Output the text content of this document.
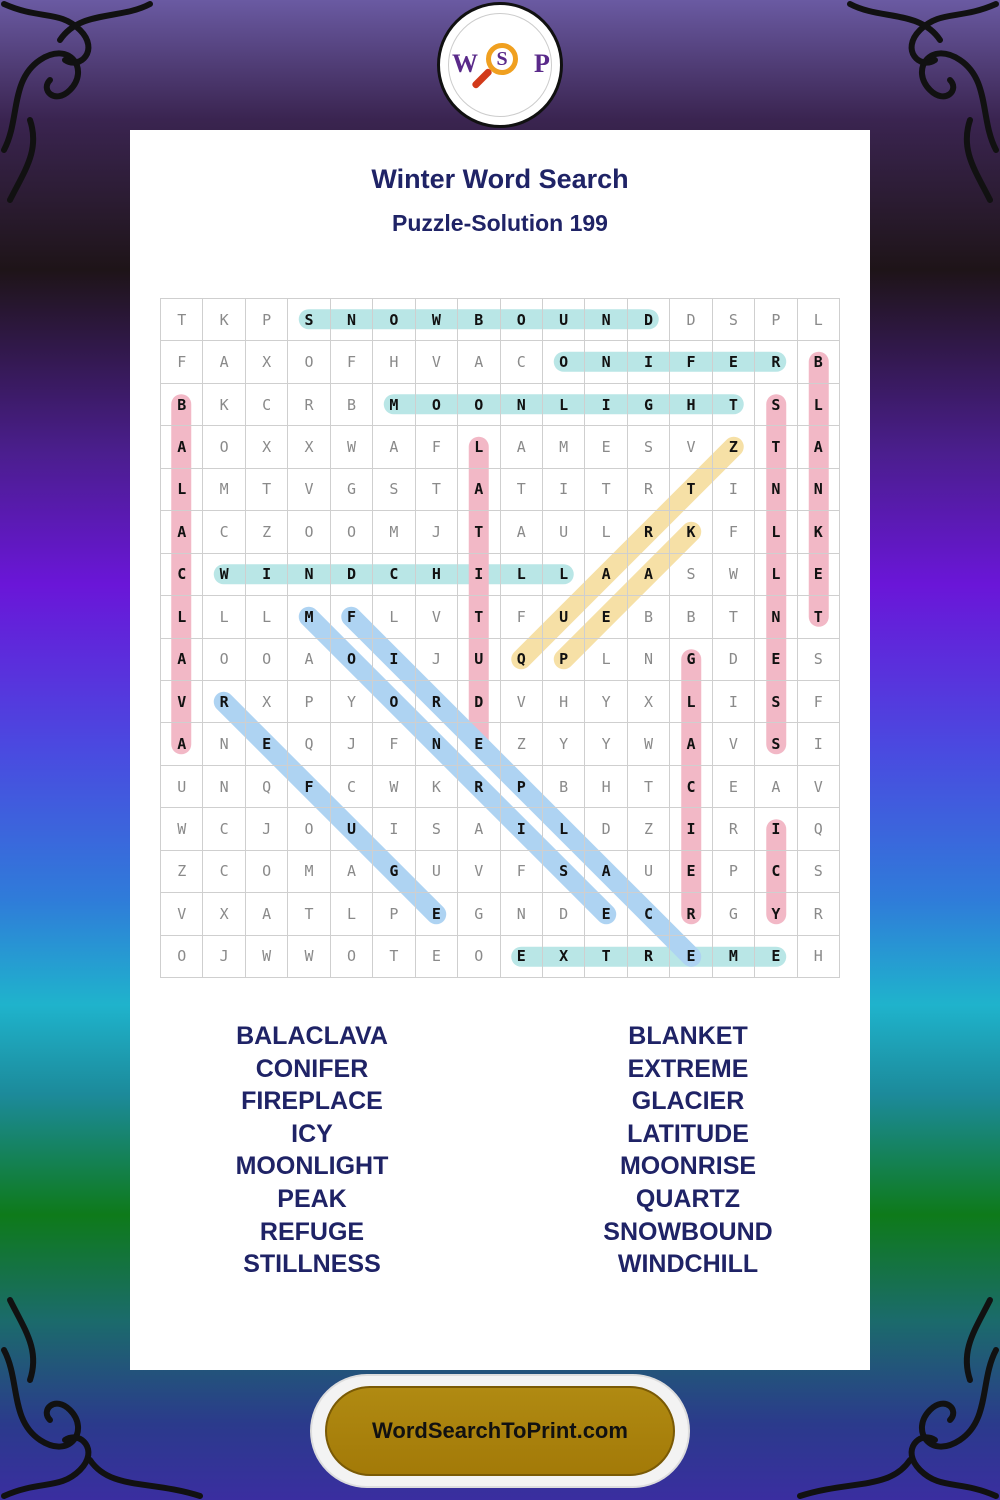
W S	P
Winter Word Search
Puzzle-Solution 199
T	K	P	S	N	O	W	B	O	U	N	D	D	S	P	L
F	A	X	O	F	H	V	A	C	O	N	I	F	E	R	B
B	K	C	R	B	M	O	O	N	L	I	G	H	T	S	L
A	O	X	X	W	A	F	L	A	M	E	S	V	Z	T	A
L	M	T	V	G	S	T	A	T	I	T	R	T	I	N	N
A	C	Z	O	O	M	J	T	A	U	L	R	K	F	L	K
C	W	I	N	D	C	H	I	L	L	A	A	S	W	L	E
L	L	L	M	F	L	V	T	F	U	E	B	B	T	N	T
A	O	O	A	O	I	J	U	Q	P	L	N	G	D	E	S
V	R	X	P	Y	O	R	D	V	H	Y	X	L	I	S	F
A	N	E	Q	J	F	N	E	Z	Y	Y	W	A	V	S	I
U	N	Q	F	C	W	K	R	P	B	H	T	C	E	A	V
W	C	J	O	U	I	S	A	I	L	D	Z	I	R	I	Q
Z	C	O	M	A	G	U	V	F	S	A	U	E	P	C	S
V	X	A	T	L	P	E	G	N	D	E	C	R	G	Y	R
O	J	W	W	O	T	E	O	E	X	T	R	E	M	E	H
BALACLAVA
CONIFER
FIREPLACE
ICY
MOONLIGHT
PEAK
REFUGE
STILLNESS
BLANKET
EXTREME
GLACIER
LATITUDE
MOONRISE
QUARTZ
SNOWBOUND
WINDCHILL
WordSearchToPrint.com
